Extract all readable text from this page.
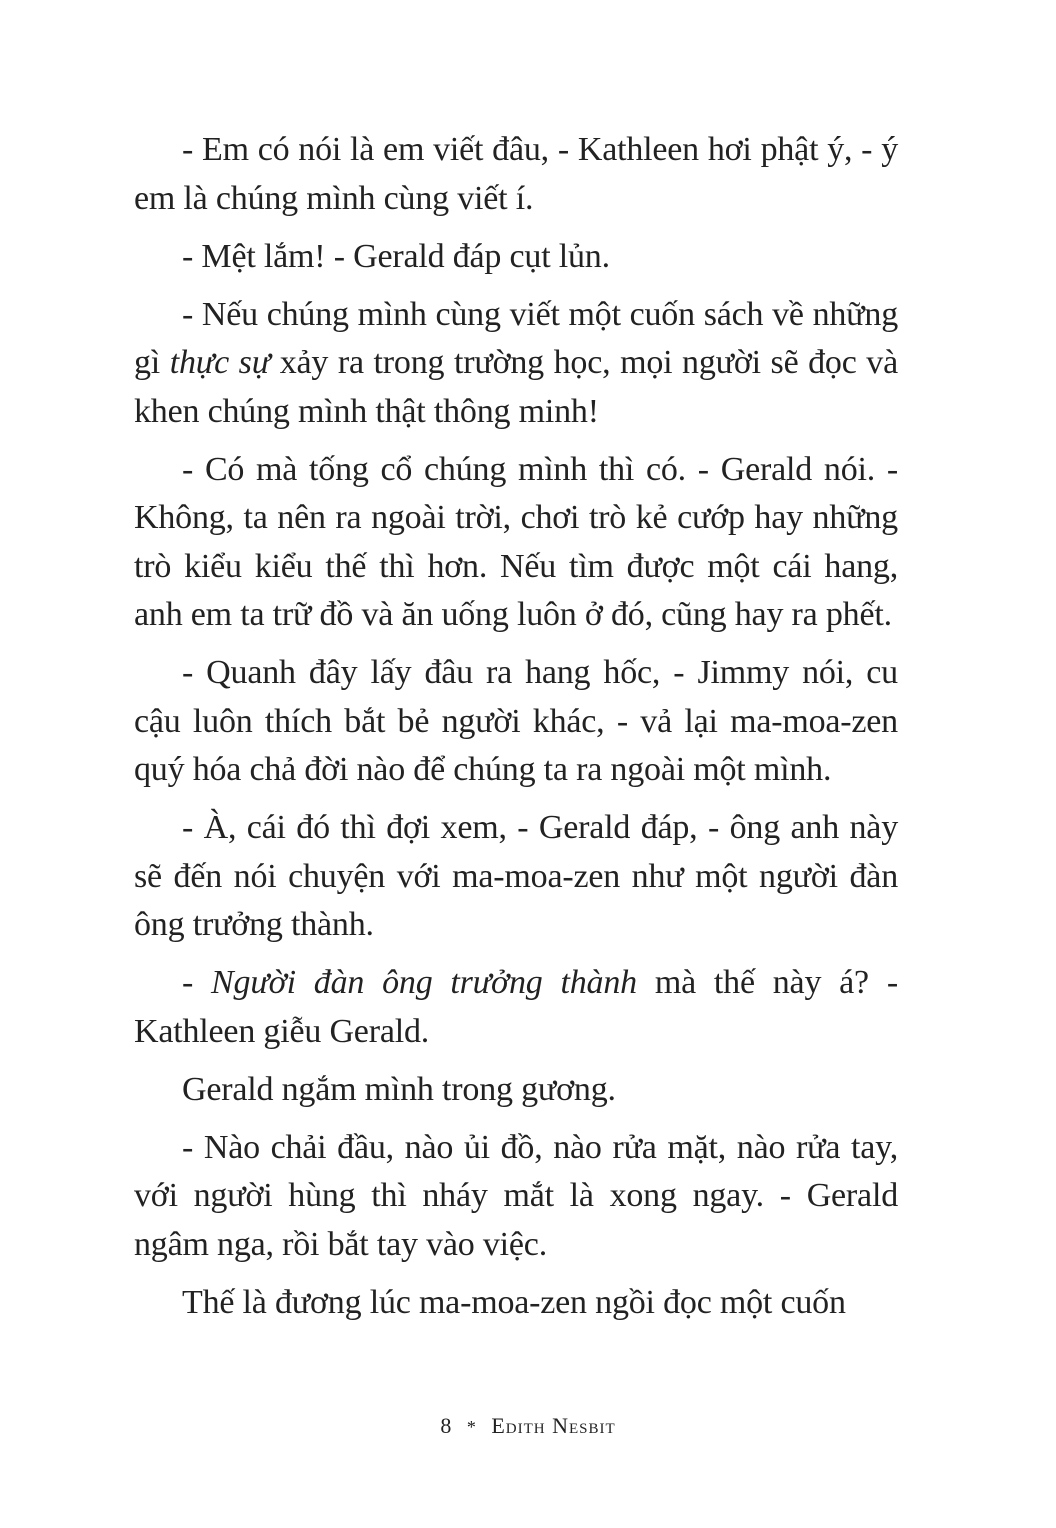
- Em có nói là em viết đâu, - Kathleen hơi phật ý, - ý em là chúng mình cùng viết í.

- Mệt lắm! - Gerald đáp cụt lủn.

- Nếu chúng mình cùng viết một cuốn sách về những gì thực sự xảy ra trong trường học, mọi người sẽ đọc và khen chúng mình thật thông minh!

- Có mà tống cổ chúng mình thì có. - Gerald nói. - Không, ta nên ra ngoài trời, chơi trò kẻ cướp hay những trò kiểu kiểu thế thì hơn. Nếu tìm được một cái hang, anh em ta trữ đồ và ăn uống luôn ở đó, cũng hay ra phết.

- Quanh đây lấy đâu ra hang hốc, - Jimmy nói, cu cậu luôn thích bắt bẻ người khác, - vả lại ma-moa-zen quý hóa chả đời nào để chúng ta ra ngoài một mình.

- À, cái đó thì đợi xem, - Gerald đáp, - ông anh này sẽ đến nói chuyện với ma-moa-zen như một người đàn ông trưởng thành.

- Người đàn ông trưởng thành mà thế này á? - Kathleen giễu Gerald.

Gerald ngắm mình trong gương.

- Nào chải đầu, nào ủi đồ, nào rửa mặt, nào rửa tay, với người hùng thì nháy mắt là xong ngay. - Gerald ngâm nga, rồi bắt tay vào việc.

Thế là đương lúc ma-moa-zen ngồi đọc một cuốn

8 * Edith Nesbit
